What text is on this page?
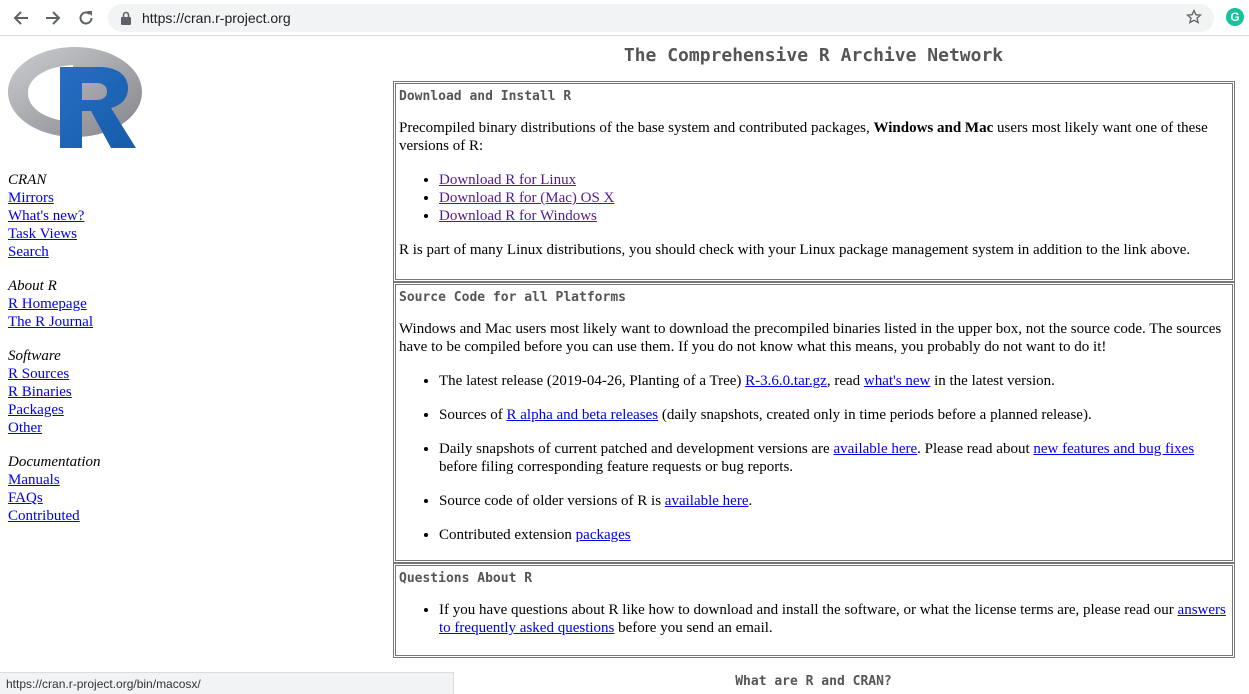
https://cran.r-project.org	G
CRAN
Mirrors
What's new?
Task Views
Search
About R
R Homepage
The R Journal
Software
R Sources
R Binaries
Packages
Other
Documentation
Manuals
FAQs
Contributed
The Comprehensive R Archive Network
Download and Install R

Precompiled binary distributions of the base system and contributed packages, Windows and Mac users most likely want one of these versions of R:

• Download R for Linux
• Download R for (Mac) OS X
• Download R for Windows

R is part of many Linux distributions, you should check with your Linux package management system in addition to the link above.

Source Code for all Platforms

Windows and Mac users most likely want to download the precompiled binaries listed in the upper box, not the source code. The sources have to be compiled before you can use them. If you do not know what this means, you probably do not want to do it!

• The latest release (2019-04-26, Planting of a Tree) R-3.6.0.tar.gz, read what's new in the latest version.
• Sources of R alpha and beta releases (daily snapshots, created only in time periods before a planned release).
• Daily snapshots of current patched and development versions are available here. Please read about new features and bug fixes before filing corresponding feature requests or bug reports.
• Source code of older versions of R is available here.
• Contributed extension packages
Questions About R
• If you have questions about R like how to download and install the software, or what the license terms are, please read our answers to frequently asked questions before you send an email.
What are R and CRAN?
https://cran.r-project.org/bin/macosx/
